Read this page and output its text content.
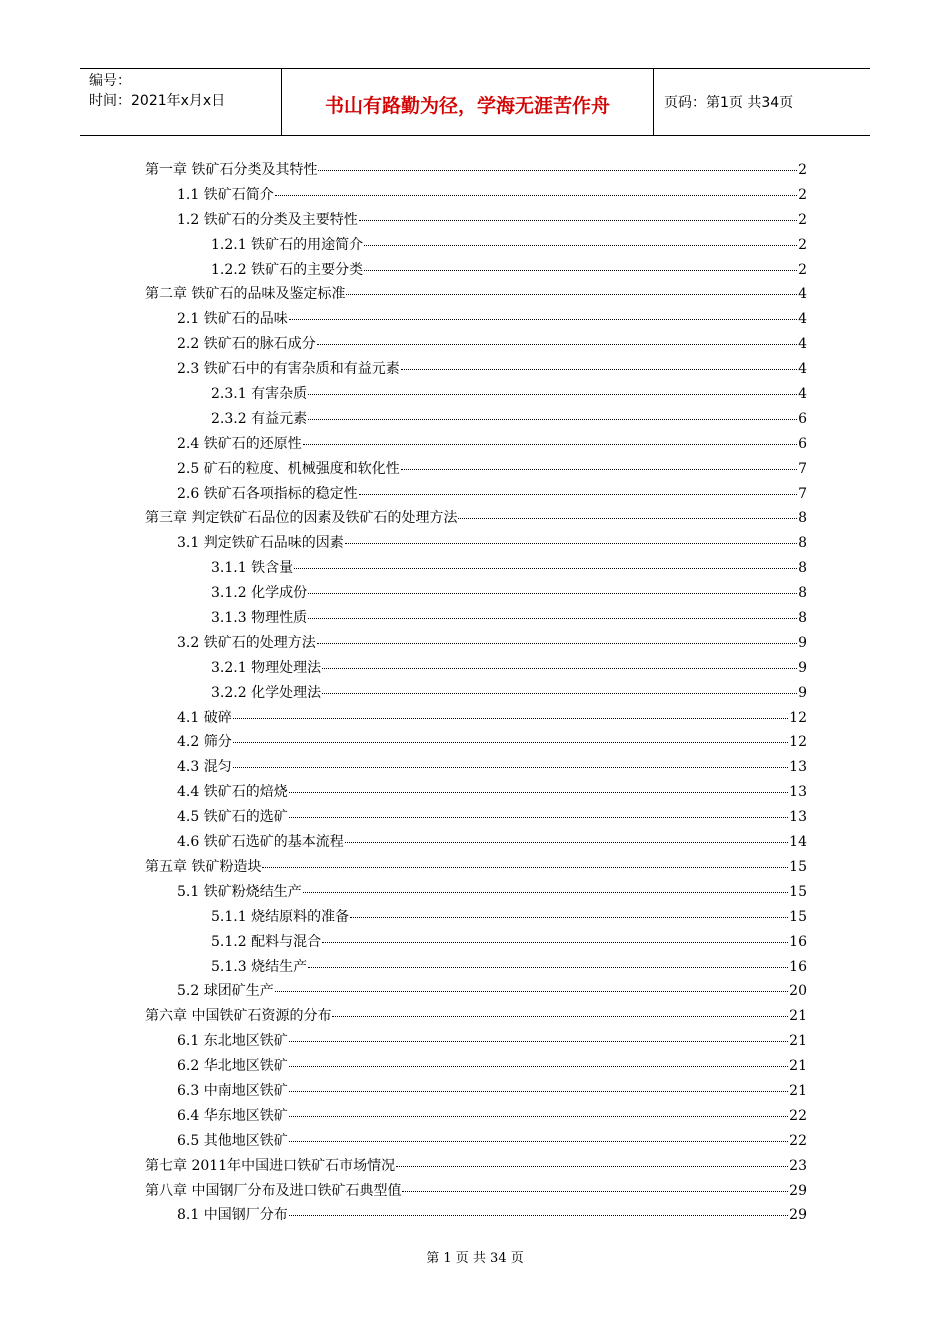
编号：
时间：2021年x月x日	书山有路勤为径，学海无涯苦作舟	页码：第1页 共34页
第一章 铁矿石分类及其特性	2
1.1 铁矿石简介	2
1.2 铁矿石的分类及主要特性	2
1.2.1 铁矿石的用途简介	2
1.2.2 铁矿石的主要分类	2
第二章 铁矿石的品味及鉴定标准	4
2.1 铁矿石的品味	4
2.2 铁矿石的脉石成分	4
2.3 铁矿石中的有害杂质和有益元素	4
2.3.1 有害杂质	4
2.3.2 有益元素	6
2.4 铁矿石的还原性	6
2.5 矿石的粒度、机械强度和软化性	7
2.6 铁矿石各项指标的稳定性	7
第三章 判定铁矿石品位的因素及铁矿石的处理方法	8
3.1 判定铁矿石品味的因素	8
3.1.1 铁含量	8
3.1.2 化学成份	8
3.1.3 物理性质	8
3.2 铁矿石的处理方法	9
3.2.1 物理处理法	9
3.2.2 化学处理法	9
4.1 破碎	12
4.2 筛分	12
4.3 混匀	13
4.4 铁矿石的焙烧	13
4.5 铁矿石的选矿	13
4.6 铁矿石选矿的基本流程	14
第五章 铁矿粉造块	15
5.1 铁矿粉烧结生产	15
5.1.1 烧结原料的准备	15
5.1.2 配料与混合	16
5.1.3 烧结生产	16
5.2 球团矿生产	20
第六章 中国铁矿石资源的分布	21
6.1 东北地区铁矿	21
6.2 华北地区铁矿	21
6.3 中南地区铁矿	21
6.4 华东地区铁矿	22
6.5 其他地区铁矿	22
第七章 2011年中国进口铁矿石市场情况	23
第八章 中国钢厂分布及进口铁矿石典型值	29
8.1 中国钢厂分布	29
第 1 页 共 34 页
